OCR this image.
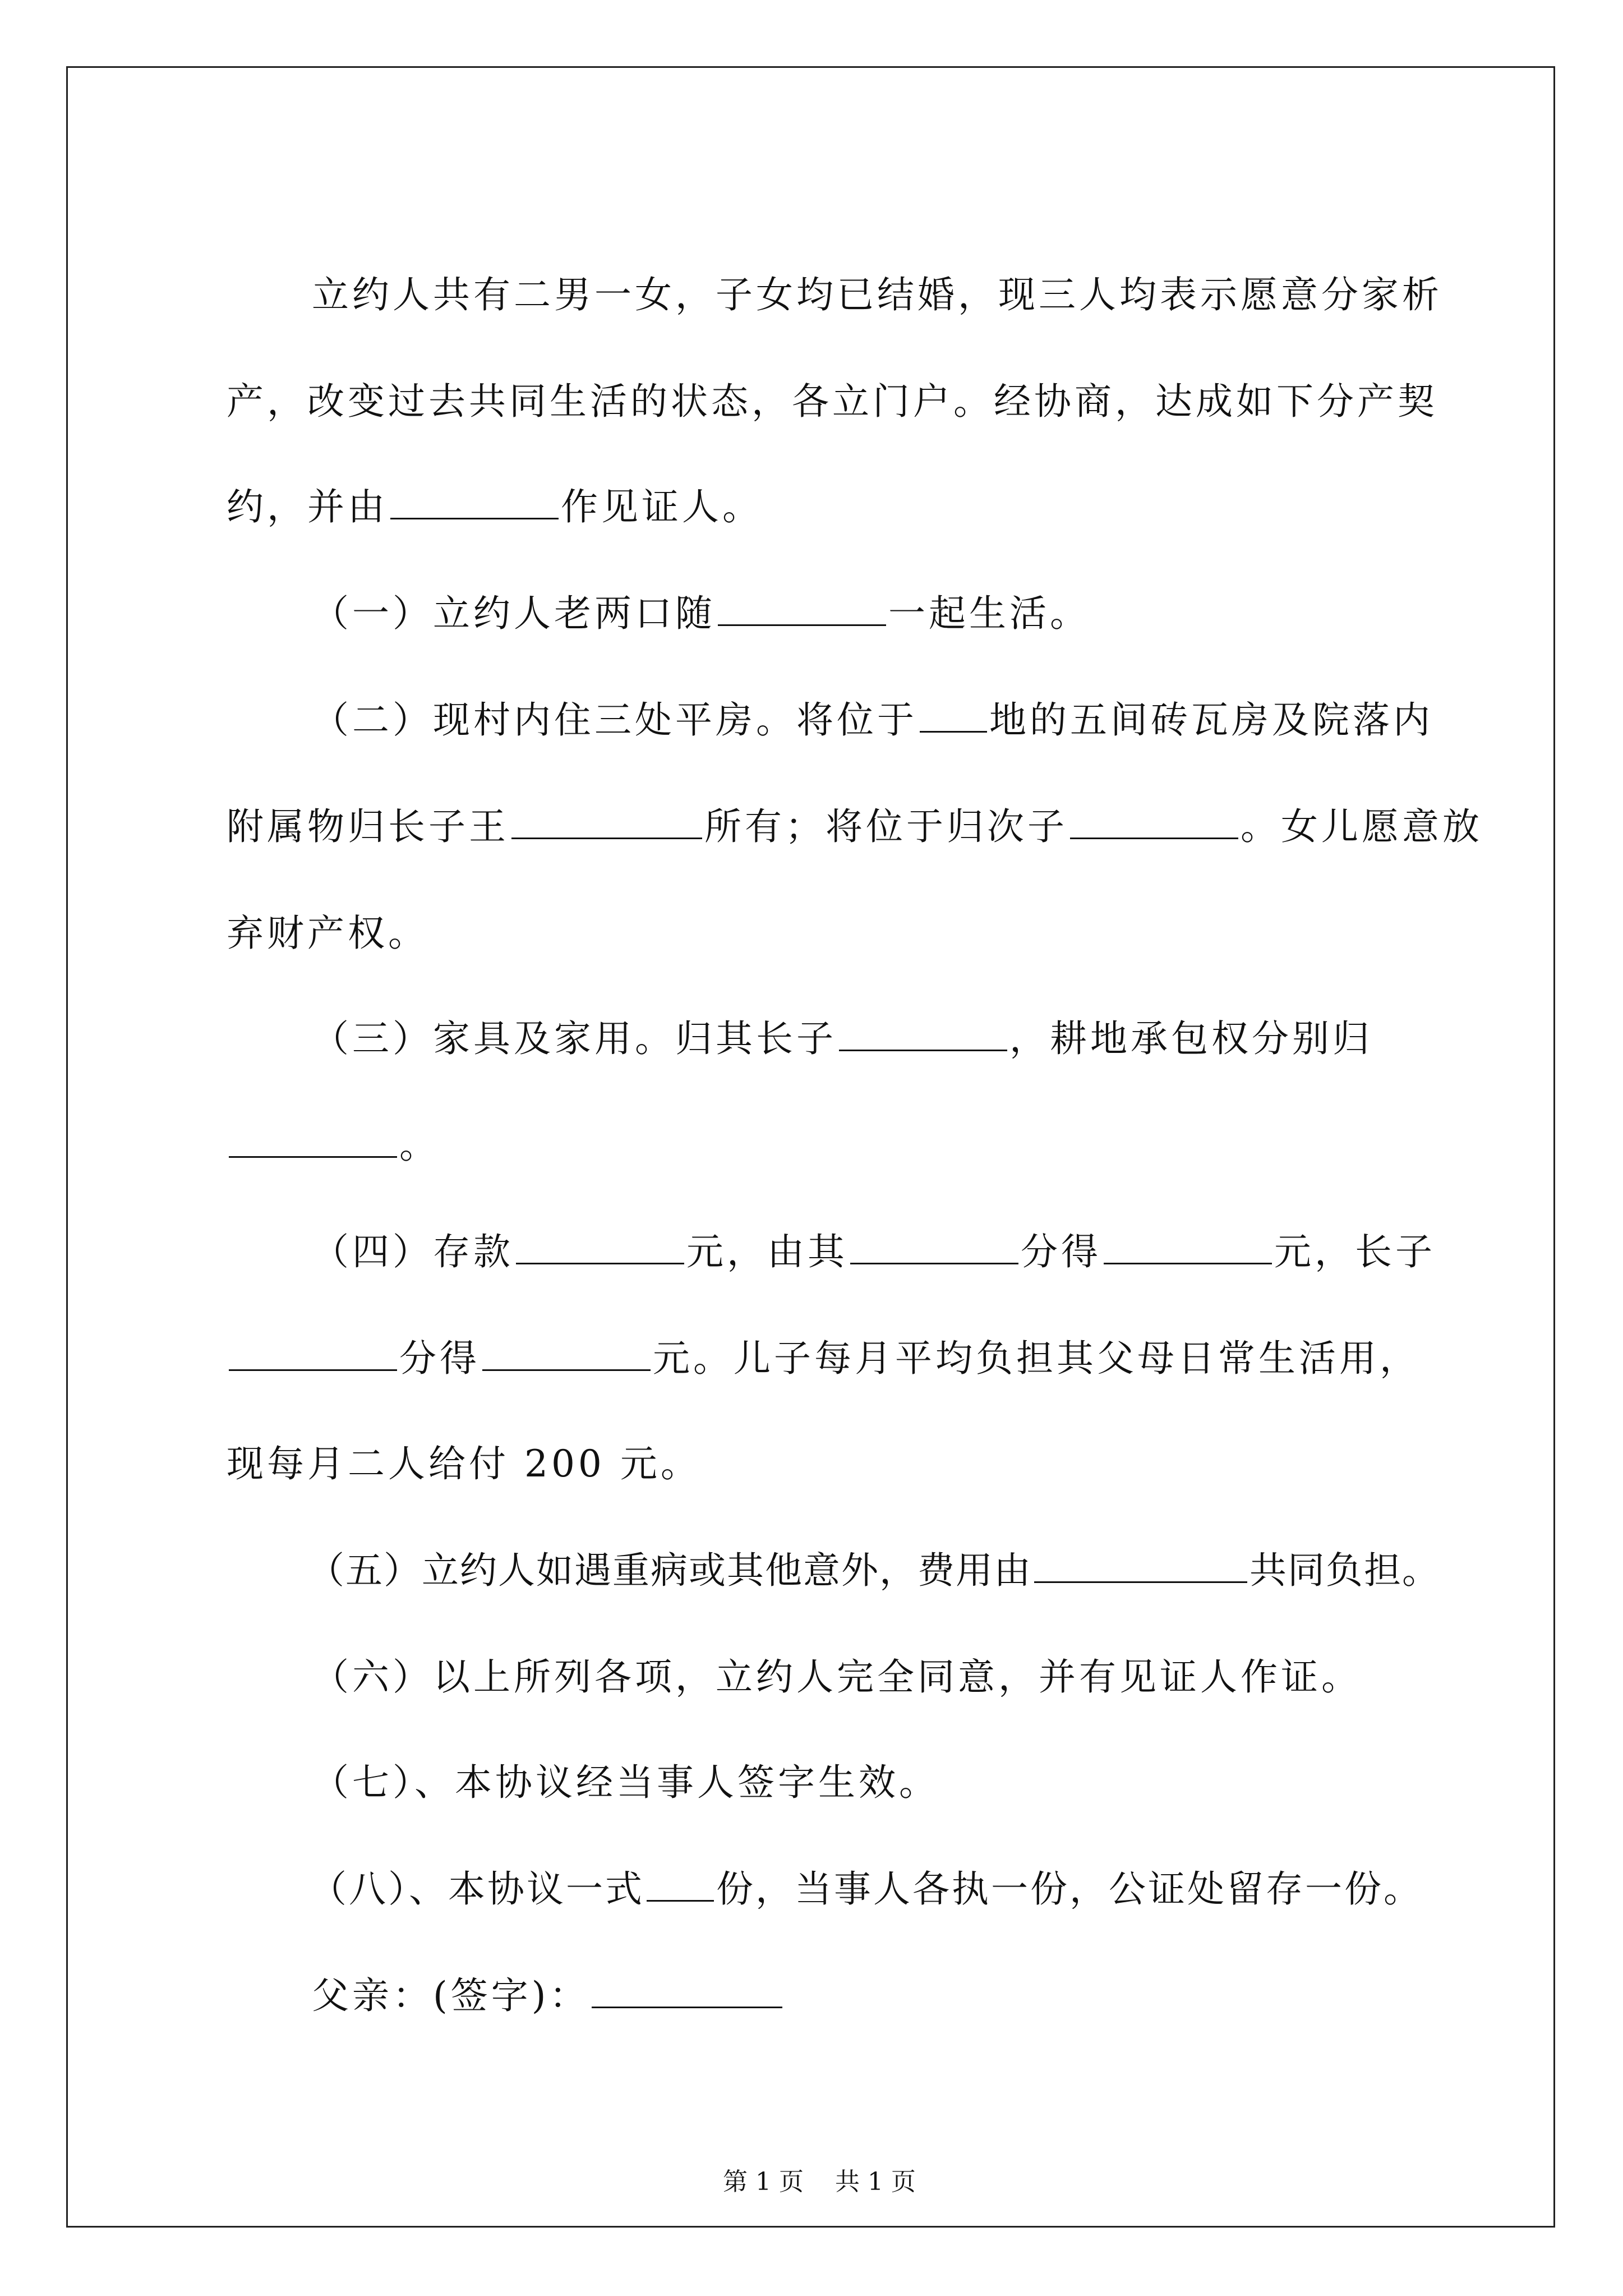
立约人共有二男一女，子女均已结婚，现三人均表示愿意分家析

产，改变过去共同生活的状态，各立门户。经协商，达成如下分产契

约，并由	作见证人。

（一）立约人老两口随	一起生活。

（二）现村内住三处平房。将位于 地的五间砖瓦房及院落内

附属物归长子王	所有；将位于归次子	。女儿愿意放

弃财产权。

（三）家具及家用。归其长子	，耕地承包权分别归

。

（四）存款	元，由其	分得	元，长子

分得	元。儿子每月平均负担其父母日常生活用，

现每月二人给付 200 元。

（五）立约人如遇重病或其他意外，费用由	共同负担。

（六）以上所列各项，立约人完全同意，并有见证人作证。

（七）、本协议经当事人签字生效。

（八）、本协议一式 份，当事人各执一份，公证处留存一份。

父亲：(签字)：

第 1 页    共 1 页
